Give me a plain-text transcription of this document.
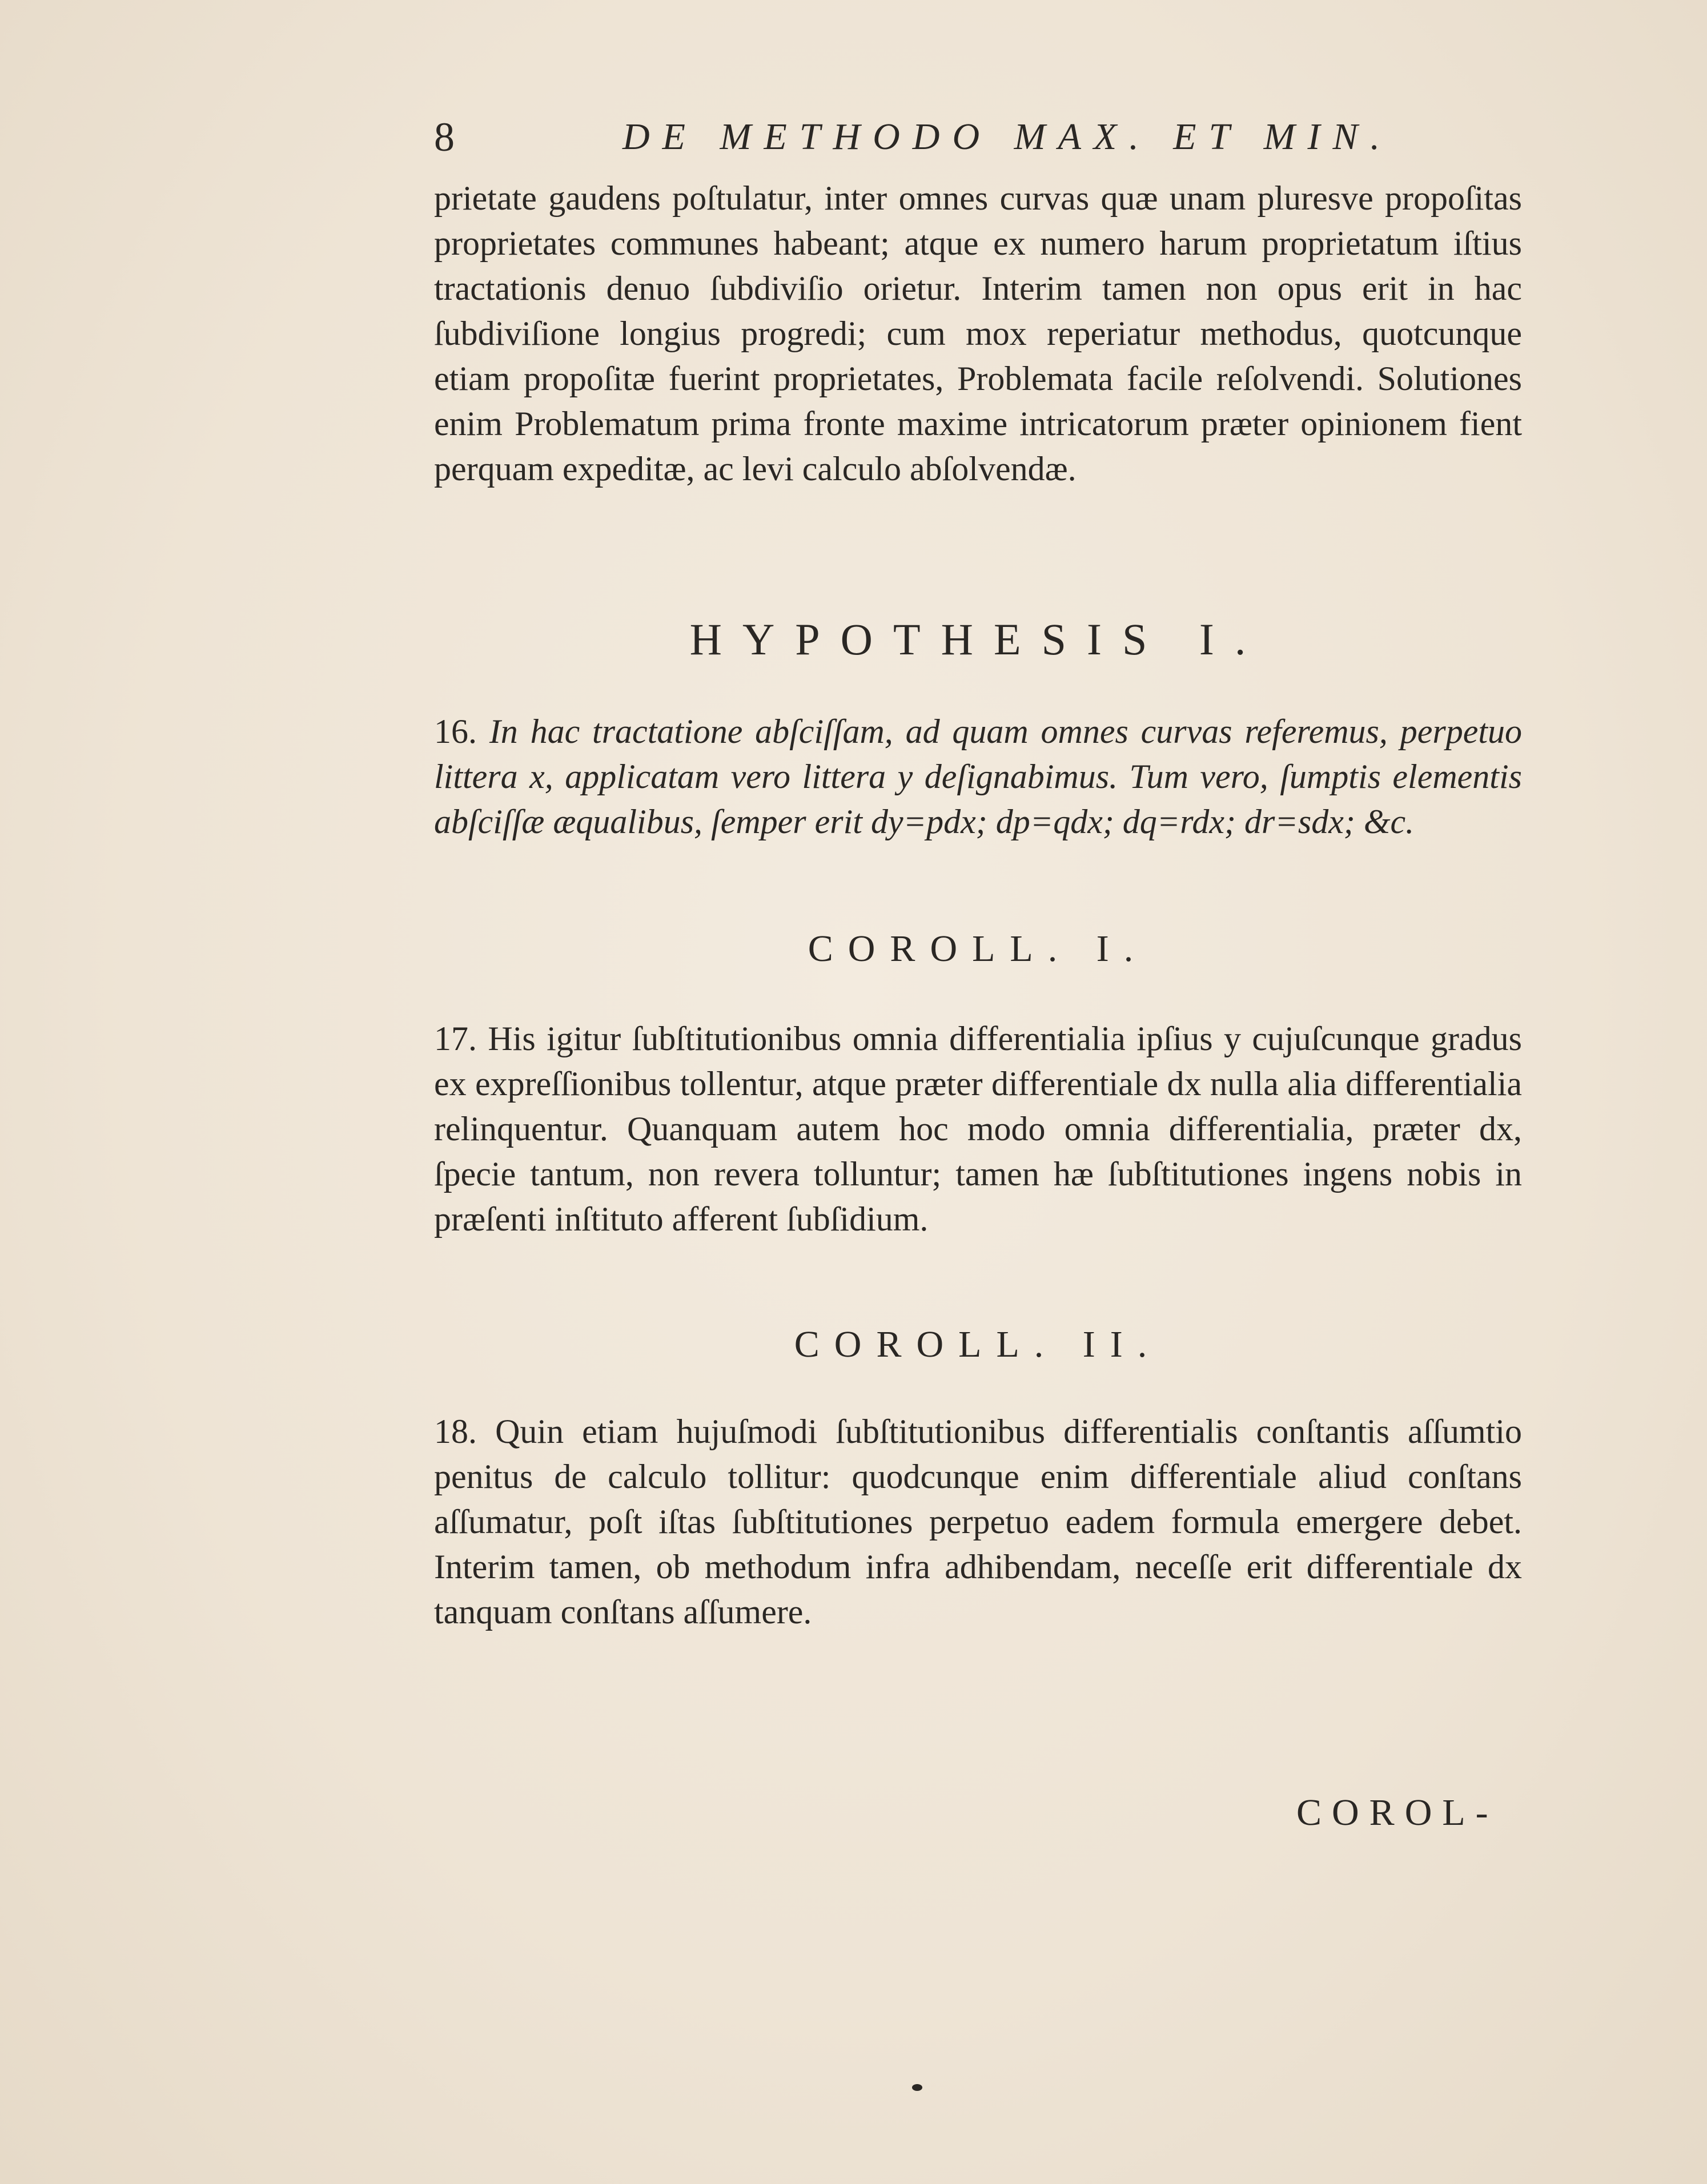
8	DE METHODO MAX. ET MIN.

prietate gaudens poſtulatur, inter omnes curvas quæ unam pluresve propoſitas proprietates communes habeant; atque ex numero harum proprietatum iſtius tractationis denuo ſubdiviſio orietur. Interim tamen non opus erit in hac ſubdiviſione longius progredi; cum mox reperiatur methodus, quotcunque etiam propoſitæ fuerint proprietates, Problemata facile reſolvendi. Solutiones enim Problematum prima fronte maxime intricatorum præter opinionem fient perquam expeditæ, ac levi calculo abſolvendæ.

HYPOTHESIS I.

16. In hac tractatione abſciſſam, ad quam omnes curvas referemus, perpetuo littera x, applicatam vero littera y deſignabimus. Tum vero, ſumptis elementis abſciſſæ æqualibus, ſemper erit dy=pdx; dp=qdx; dq=rdx; dr=sdx; &c.

COROLL. I.

17. His igitur ſubſtitutionibus omnia differentialia ipſius y cujuſcunque gradus ex expreſſionibus tollentur, atque præter differentiale dx nulla alia differentialia relinquentur. Quanquam autem hoc modo omnia differentialia, præter dx, ſpecie tantum, non revera tolluntur; tamen hæ ſubſtitutiones ingens nobis in præſenti inſtituto afferent ſubſidium.

COROLL. II.

18. Quin etiam hujuſmodi ſubſtitutionibus differentialis conſtantis aſſumtio penitus de calculo tollitur: quodcunque enim differentiale aliud conſtans aſſumatur, poſt iſtas ſubſtitutiones perpetuo eadem formula emergere debet. Interim tamen, ob methodum infra adhibendam, neceſſe erit differentiale dx tanquam conſtans aſſumere.

COROL-
